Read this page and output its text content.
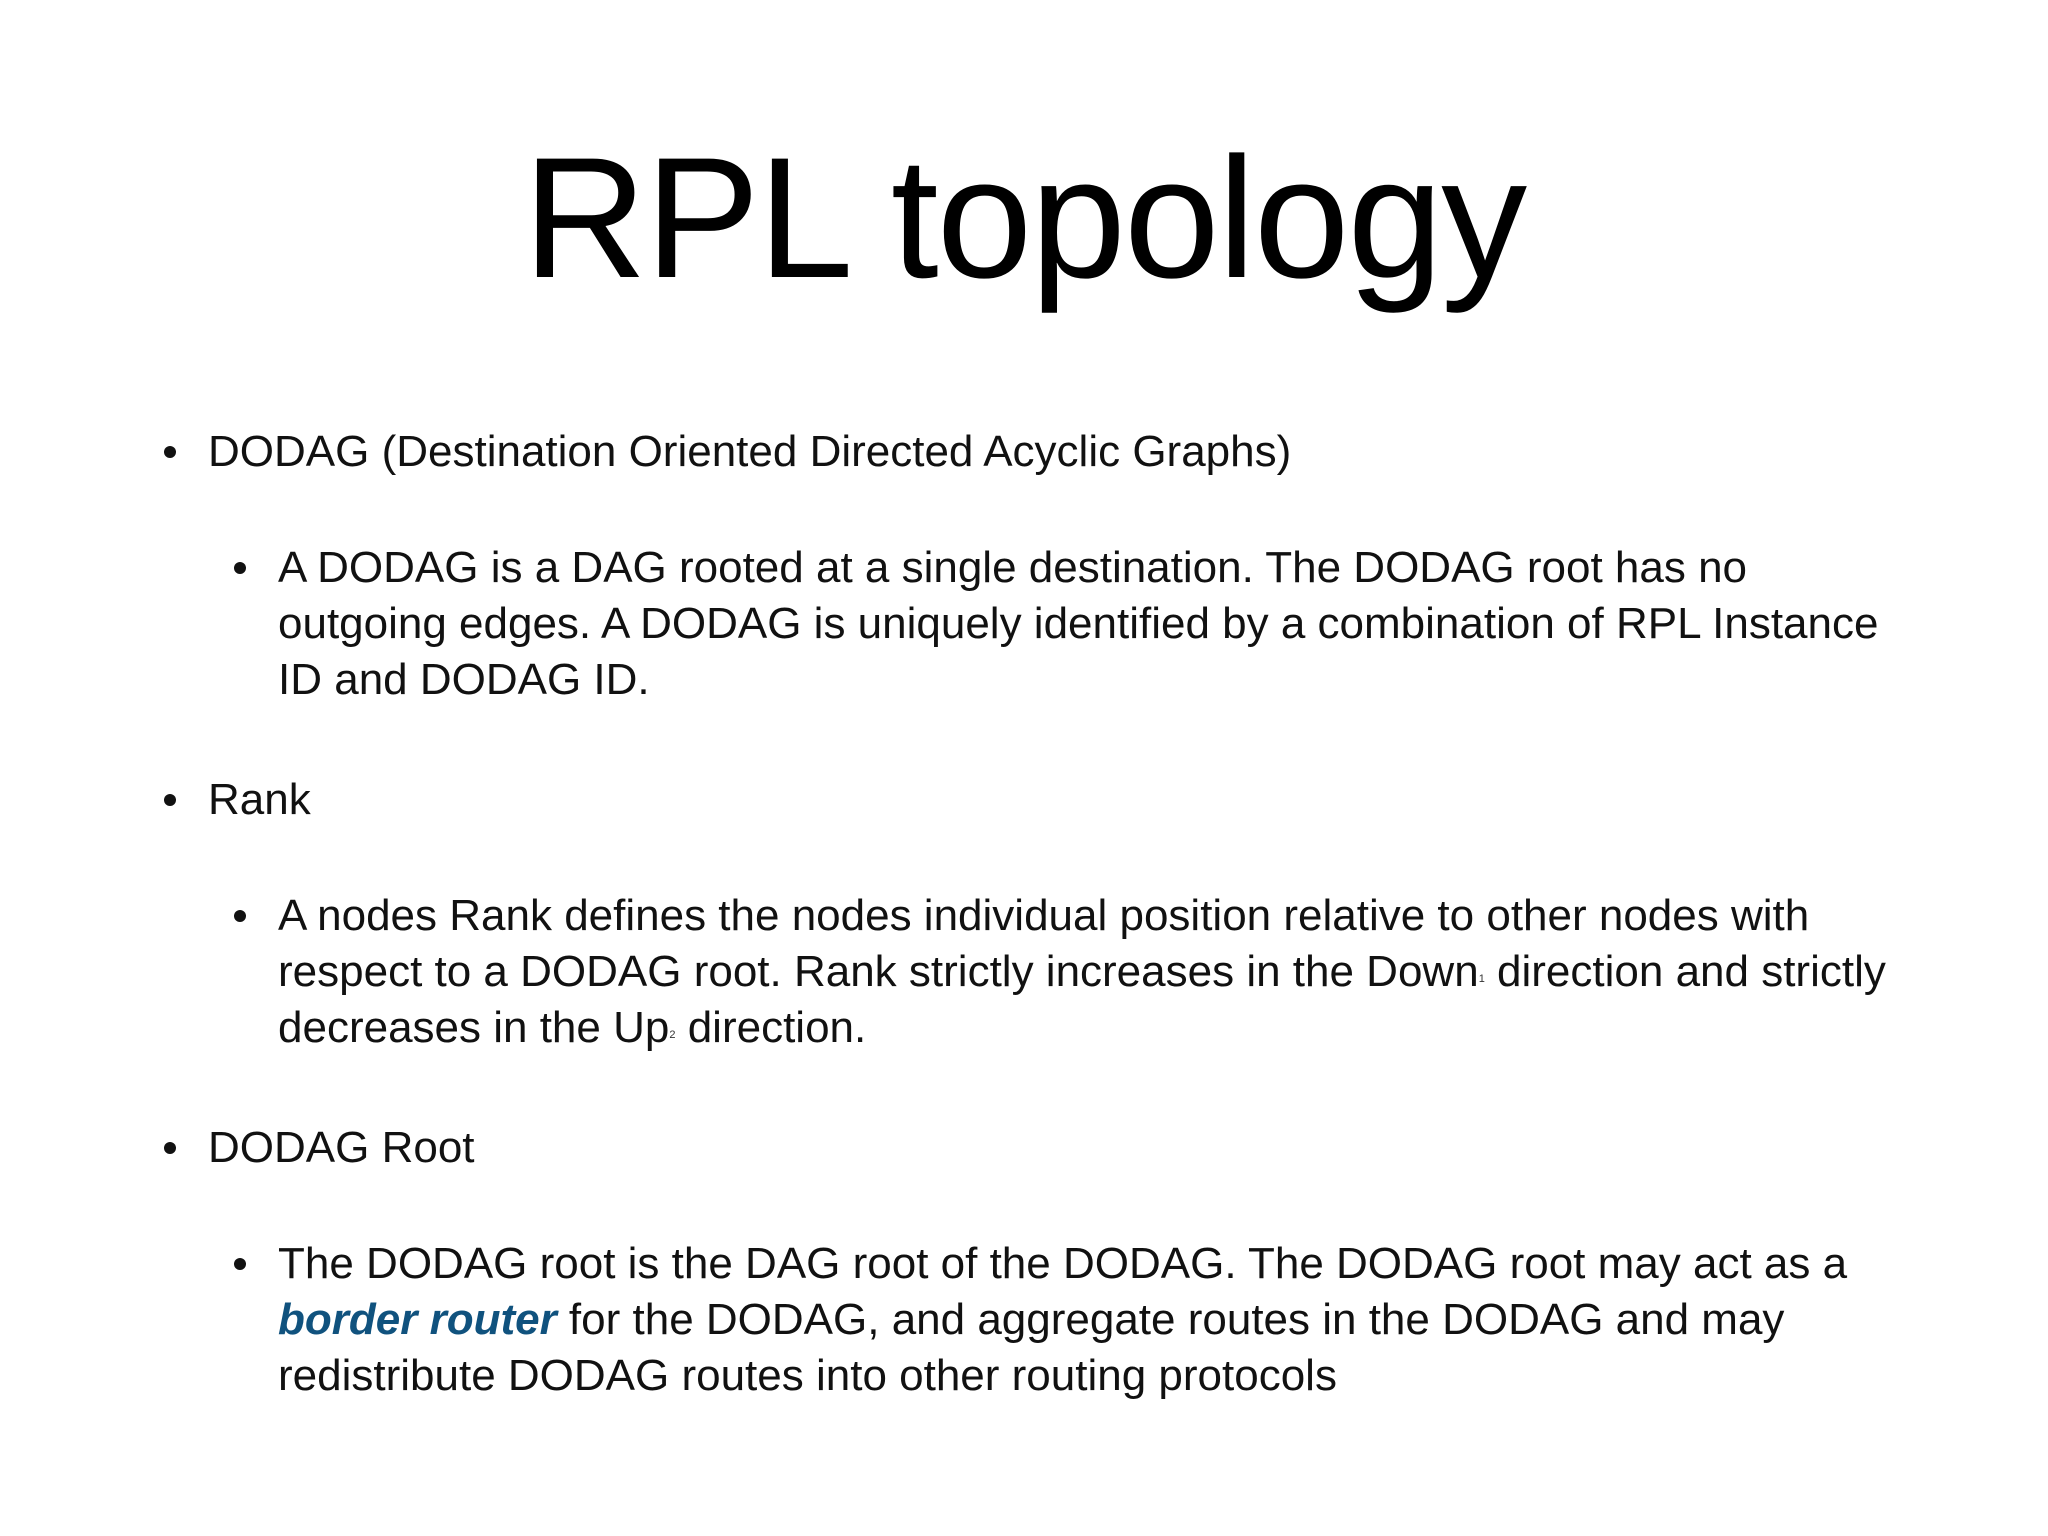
RPL topology
DODAG (Destination Oriented Directed Acyclic Graphs)
A DODAG is a DAG rooted at a single destination. The DODAG root has no outgoing edges. A DODAG is uniquely identified by a combination of RPL Instance ID and DODAG ID.
Rank
A nodes Rank defines the nodes individual position relative to other nodes with respect to a DODAG root. Rank strictly increases in the Down$^1$ direction and strictly decreases in the Up$^2$ direction.
DODAG Root
The DODAG root is the DAG root of the DODAG. The DODAG root may act as a border router for the DODAG, and aggregate routes in the DODAG and may redistribute DODAG routes into other routing protocols
